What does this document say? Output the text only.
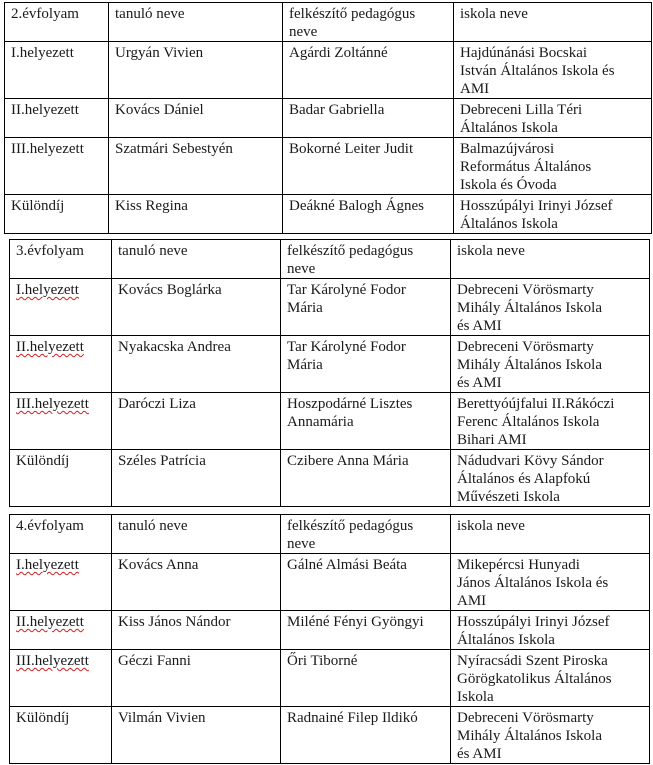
2.évfolyam	tanuló neve	felkészítő pedagógus
neve	iskola neve
I.helyezett	Urgyán Vivien	Agárdi Zoltánné	Hajdúnánási Bocskai
István Általános Iskola és
AMI
II.helyezett	Kovács Dániel	Badar Gabriella	Debreceni Lilla Téri
Általános Iskola
III.helyezett	Szatmári Sebestyén	Bokorné Leiter Judit	Balmazújvárosi
Református Általános
Iskola és Óvoda
Különdíj	Kiss Regina	Deákné Balogh Ágnes	Hosszúpályi Irinyi József
Általános Iskola
3.évfolyam	tanuló neve	felkészítő pedagógus
neve	iskola neve
I.helyezett	Kovács Boglárka	Tar Károlyné Fodor
Mária	Debreceni Vörösmarty
Mihály Általános Iskola
és AMI
II.helyezett	Nyakacska Andrea	Tar Károlyné Fodor
Mária	Debreceni Vörösmarty
Mihály Általános Iskola
és AMI
III.helyezett	Daróczi Liza	Hoszpodárné Lisztes
Annamária	Berettyóújfalui II.Rákóczi
Ferenc Általános Iskola
Bihari AMI
Különdíj	Széles Patrícia	Czibere Anna Mária	Nádudvari Kövy Sándor
Általános és Alapfokú
Művészeti Iskola
4.évfolyam	tanuló neve	felkészítő pedagógus
neve	iskola neve
I.helyezett	Kovács Anna	Gálné Almási Beáta	Mikepércsi Hunyadi
János Általános Iskola és
AMI
II.helyezett	Kiss János Nándor	Miléné Fényi Gyöngyi	Hosszúpályi Irinyi József
Általános Iskola
III.helyezett	Géczi Fanni	Őri Tiborné	Nyíracsádi Szent Piroska
Görögkatolikus Általános
Iskola
Különdíj	Vilmán Vivien	Radnainé Filep Ildikó	Debreceni Vörösmarty
Mihály Általános Iskola
és AMI
